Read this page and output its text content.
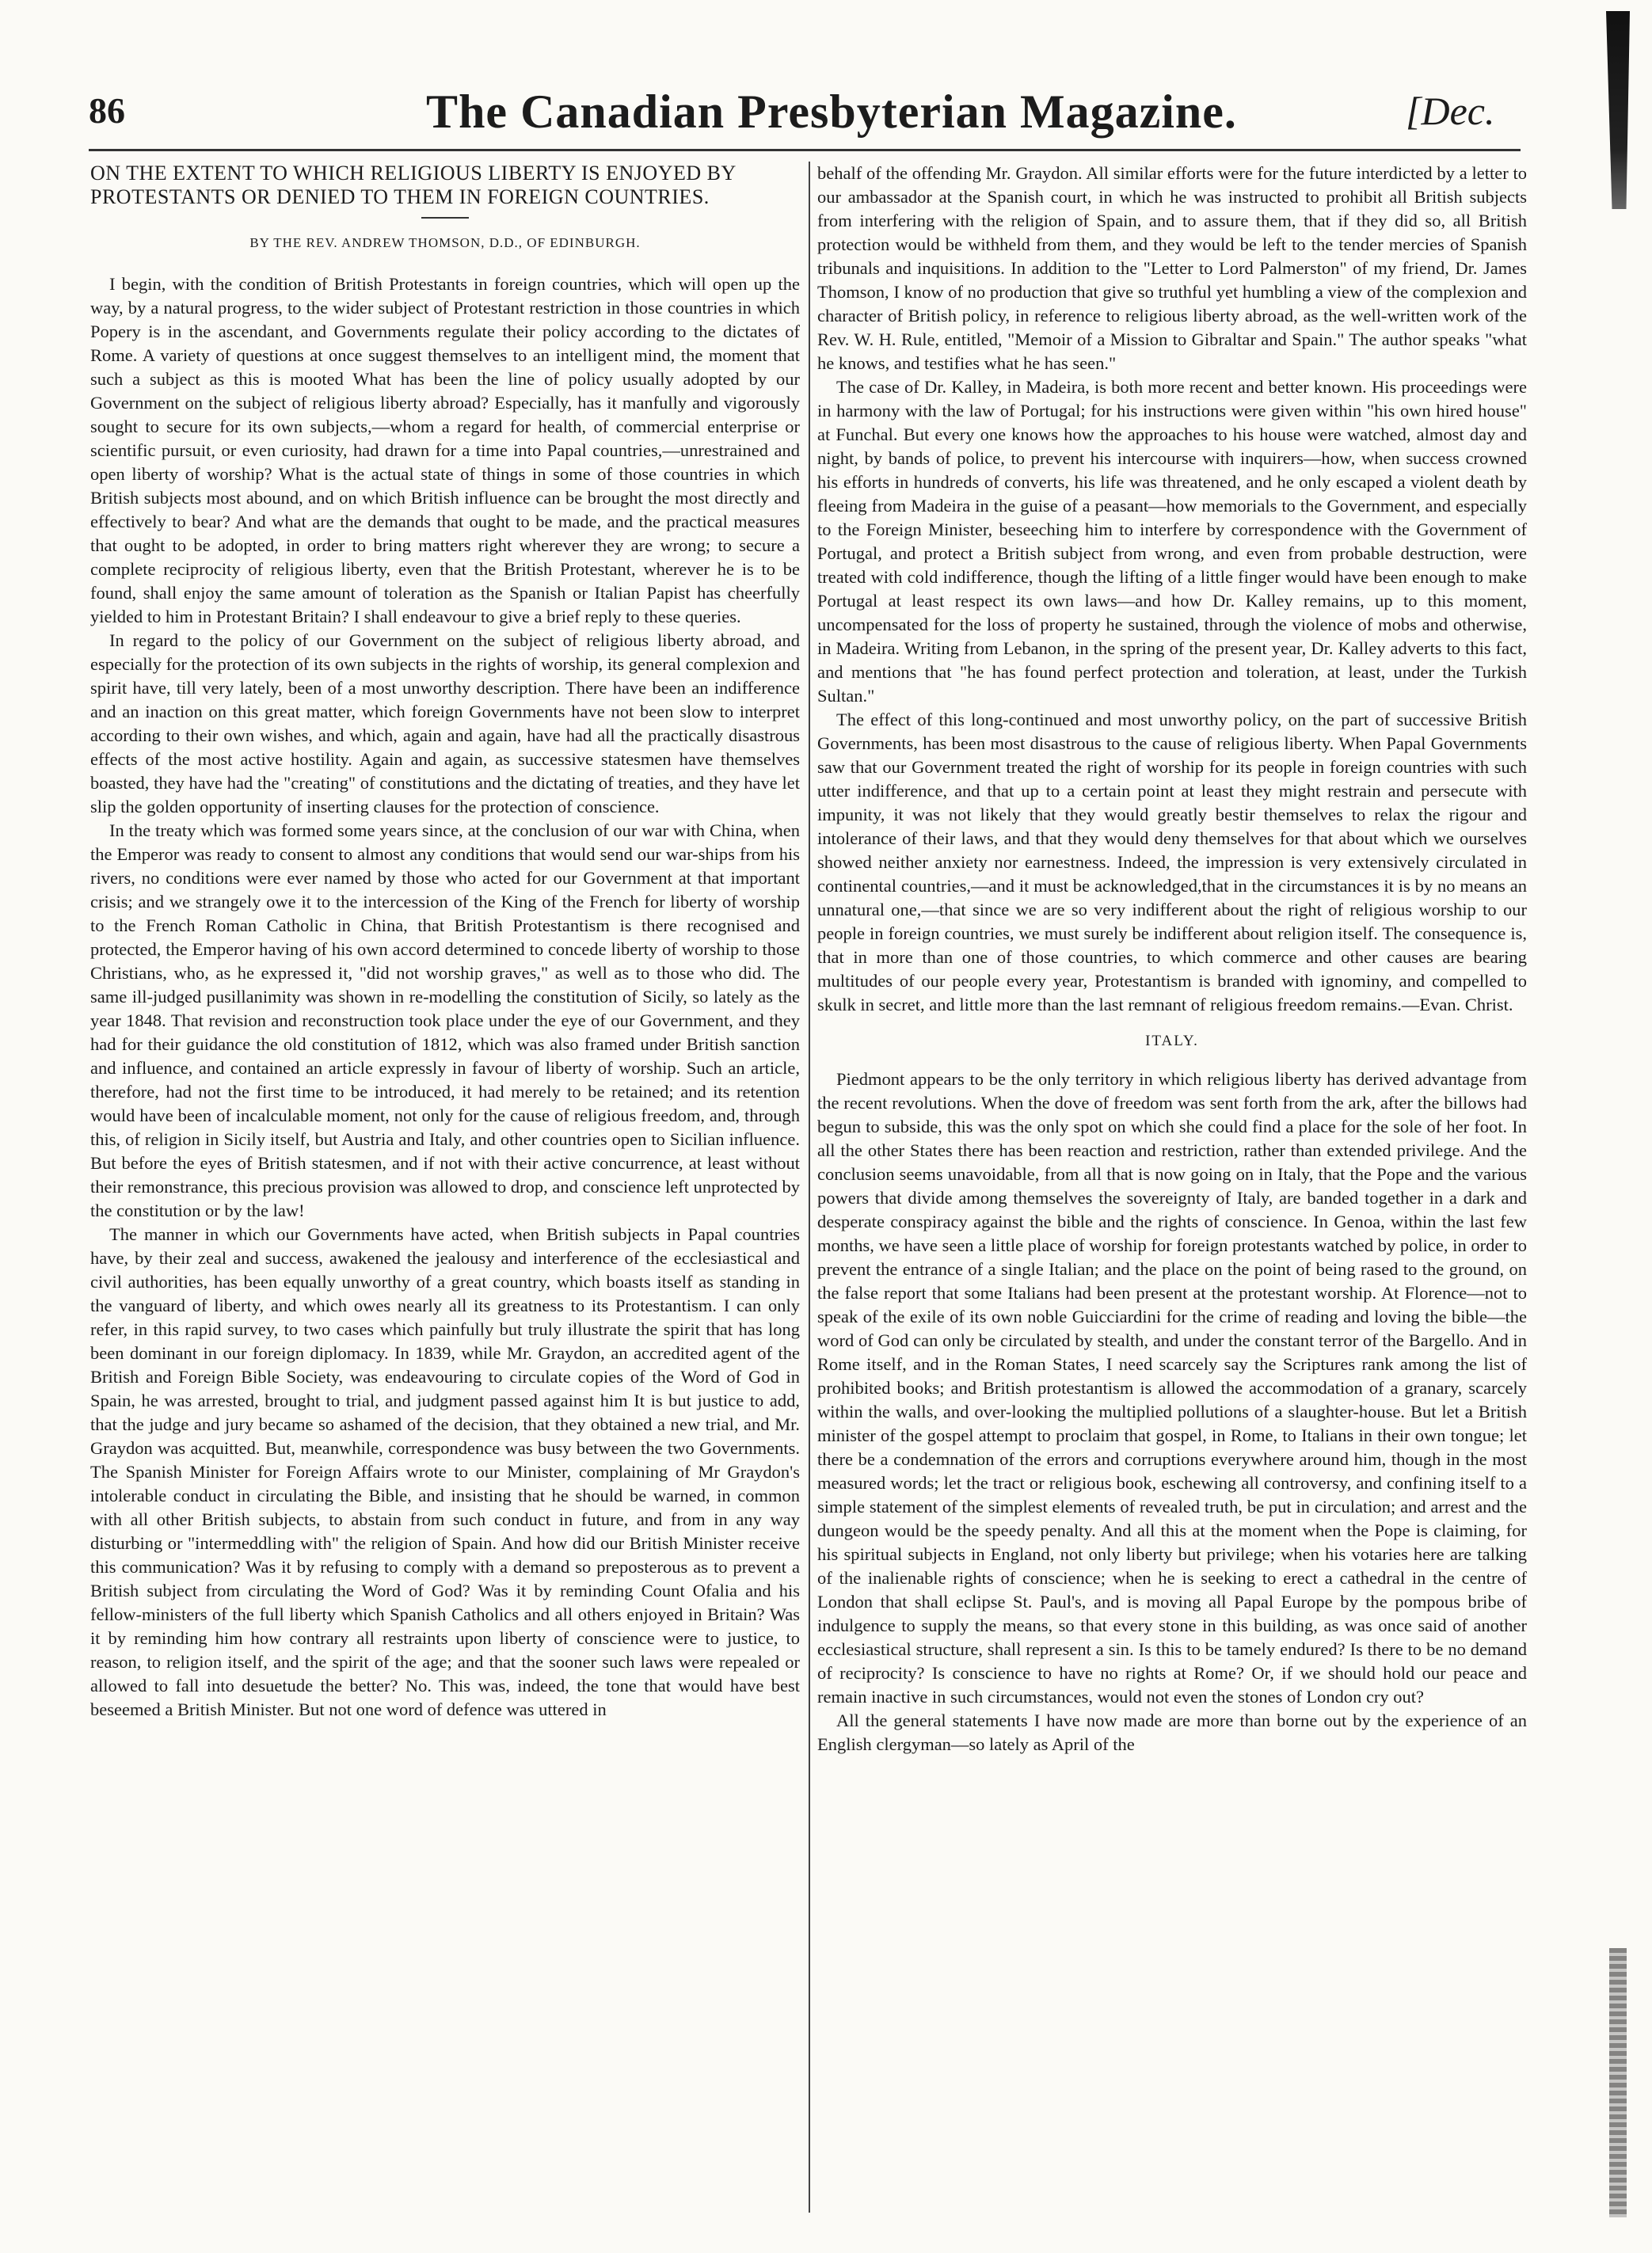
86	The Canadian Presbyterian Magazine.	[Dec.
ON THE EXTENT TO WHICH RELIGIOUS LIBERTY IS ENJOYED BY PROTESTANTS OR DENIED TO THEM IN FOREIGN COUNTRIES.
BY THE REV. ANDREW THOMSON, D.D., OF EDINBURGH.

I begin, with the condition of British Protestants in foreign countries, which will open up the way, by a natural progress, to the wider subject of Protestant restriction in those countries in which Popery is in the ascendant, and Governments regulate their policy according to the dictates of Rome. A variety of questions at once suggest themselves to an intelligent mind, the moment that such a subject as this is mooted What has been the line of policy usually adopted by our Government on the subject of religious liberty abroad? Especially, has it manfully and vigorously sought to secure for its own subjects,—whom a regard for health, of commercial enterprise or scientific pursuit, or even curiosity, had drawn for a time into Papal countries,—unrestrained and open liberty of worship? What is the actual state of things in some of those countries in which British subjects most abound, and on which British influence can be brought the most directly and effectively to bear? And what are the demands that ought to be made, and the practical measures that ought to be adopted, in order to bring matters right wherever they are wrong; to secure a complete reciprocity of religious liberty, even that the British Protestant, wherever he is to be found, shall enjoy the same amount of toleration as the Spanish or Italian Papist has cheerfully yielded to him in Protestant Britain? I shall endeavour to give a brief reply to these queries.

In regard to the policy of our Government on the subject of religious liberty abroad, and especially for the protection of its own subjects in the rights of worship, its general complexion and spirit have, till very lately, been of a most unworthy description. There have been an indifference and an inaction on this great matter, which foreign Governments have not been slow to interpret according to their own wishes, and which, again and again, have had all the practically disastrous effects of the most active hostility. Again and again, as successive statesmen have themselves boasted, they have had the "creating" of constitutions and the dictating of treaties, and they have let slip the golden opportunity of inserting clauses for the protection of conscience.

In the treaty which was formed some years since, at the conclusion of our war with China, when the Emperor was ready to consent to almost any conditions that would send our war-ships from his rivers, no conditions were ever named by those who acted for our Government at that important crisis; and we strangely owe it to the intercession of the King of the French for liberty of worship to the French Roman Catholic in China, that British Protestantism is there recognised and protected, the Emperor having of his own accord determined to concede liberty of worship to those Christians, who, as he expressed it, "did not worship graves," as well as to those who did. The same ill-judged pusillanimity was shown in re-modelling the constitution of Sicily, so lately as the year 1848. That revision and reconstruction took place under the eye of our Government, and they had for their guidance the old constitution of 1812, which was also framed under British sanction and influence, and contained an article expressly in favour of liberty of worship. Such an article, therefore, had not the first time to be introduced, it had merely to be retained; and its retention would have been of incalculable moment, not only for the cause of religious freedom, and, through this, of religion in Sicily itself, but Austria and Italy, and other countries open to Sicilian influence. But before the eyes of British statesmen, and if not with their active concurrence, at least without their remonstrance, this precious provision was allowed to drop, and conscience left unprotected by the constitution or by the law!

The manner in which our Governments have acted, when British subjects in Papal countries have, by their zeal and success, awakened the jealousy and interference of the ecclesiastical and civil authorities, has been equally unworthy of a great country, which boasts itself as standing in the vanguard of liberty, and which owes nearly all its greatness to its Protestantism. I can only refer, in this rapid survey, to two cases which painfully but truly illustrate the spirit that has long been dominant in our foreign diplomacy. In 1839, while Mr. Graydon, an accredited agent of the British and Foreign Bible Society, was endeavouring to circulate copies of the Word of God in Spain, he was arrested, brought to trial, and judgment passed against him It is but justice to add, that the judge and jury became so ashamed of the decision, that they obtained a new trial, and Mr. Graydon was acquitted. But, meanwhile, correspondence was busy between the two Governments. The Spanish Minister for Foreign Affairs wrote to our Minister, complaining of Mr Graydon's intolerable conduct in circulating the Bible, and insisting that he should be warned, in common with all other British subjects, to abstain from such conduct in future, and from in any way disturbing or "intermeddling with" the religion of Spain. And how did our British Minister receive this communication? Was it by refusing to comply with a demand so preposterous as to prevent a British subject from circulating the Word of God? Was it by reminding Count Ofalia and his fellow-ministers of the full liberty which Spanish Catholics and all others enjoyed in Britain? Was it by reminding him how contrary all restraints upon liberty of conscience were to justice, to reason, to religion itself, and the spirit of the age; and that the sooner such laws were repealed or allowed to fall into desuetude the better? No. This was, indeed, the tone that would have best beseemed a British Minister. But not one word of defence was uttered in

behalf of the offending Mr. Graydon. All similar efforts were for the future interdicted by a letter to our ambassador at the Spanish court, in which he was instructed to prohibit all British subjects from interfering with the religion of Spain, and to assure them, that if they did so, all British protection would be withheld from them, and they would be left to the tender mercies of Spanish tribunals and inquisitions. In addition to the "Letter to Lord Palmerston" of my friend, Dr. James Thomson, I know of no production that give so truthful yet humbling a view of the complexion and character of British policy, in reference to religious liberty abroad, as the well-written work of the Rev. W. H. Rule, entitled, "Memoir of a Mission to Gibraltar and Spain." The author speaks "what he knows, and testifies what he has seen."

The case of Dr. Kalley, in Madeira, is both more recent and better known. His proceedings were in harmony with the law of Portugal; for his instructions were given within "his own hired house" at Funchal. But every one knows how the approaches to his house were watched, almost day and night, by bands of police, to prevent his intercourse with inquirers—how, when success crowned his efforts in hundreds of converts, his life was threatened, and he only escaped a violent death by fleeing from Madeira in the guise of a peasant—how memorials to the Government, and especially to the Foreign Minister, beseeching him to interfere by correspondence with the Government of Portugal, and protect a British subject from wrong, and even from probable destruction, were treated with cold indifference, though the lifting of a little finger would have been enough to make Portugal at least respect its own laws—and how Dr. Kalley remains, up to this moment, uncompensated for the loss of property he sustained, through the violence of mobs and otherwise, in Madeira. Writing from Lebanon, in the spring of the present year, Dr. Kalley adverts to this fact, and mentions that "he has found perfect protection and toleration, at least, under the Turkish Sultan."

The effect of this long-continued and most unworthy policy, on the part of successive British Governments, has been most disastrous to the cause of religious liberty. When Papal Governments saw that our Government treated the right of worship for its people in foreign countries with such utter indifference, and that up to a certain point at least they might restrain and persecute with impunity, it was not likely that they would greatly bestir themselves to relax the rigour and intolerance of their laws, and that they would deny themselves for that about which we ourselves showed neither anxiety nor earnestness. Indeed, the impression is very extensively circulated in continental countries,—and it must be acknowledged,that in the circumstances it is by no means an unnatural one,—that since we are so very indifferent about the right of religious worship to our people in foreign countries, we must surely be indifferent about religion itself. The consequence is, that in more than one of those countries, to which commerce and other causes are bearing multitudes of our people every year, Protestantism is branded with ignominy, and compelled to skulk in secret, and little more than the last remnant of religious freedom remains.—Evan. Christ.

ITALY.

Piedmont appears to be the only territory in which religious liberty has derived advantage from the recent revolutions. When the dove of freedom was sent forth from the ark, after the billows had begun to subside, this was the only spot on which she could find a place for the sole of her foot. In all the other States there has been reaction and restriction, rather than extended privilege. And the conclusion seems unavoidable, from all that is now going on in Italy, that the Pope and the various powers that divide among themselves the sovereignty of Italy, are banded together in a dark and desperate conspiracy against the bible and the rights of conscience. In Genoa, within the last few months, we have seen a little place of worship for foreign protestants watched by police, in order to prevent the entrance of a single Italian; and the place on the point of being rased to the ground, on the false report that some Italians had been present at the protestant worship. At Florence—not to speak of the exile of its own noble Guicciardini for the crime of reading and loving the bible—the word of God can only be circulated by stealth, and under the constant terror of the Bargello. And in Rome itself, and in the Roman States, I need scarcely say the Scriptures rank among the list of prohibited books; and British protestantism is allowed the accommodation of a granary, scarcely within the walls, and over-looking the multiplied pollutions of a slaughter-house. But let a British minister of the gospel attempt to proclaim that gospel, in Rome, to Italians in their own tongue; let there be a condemnation of the errors and corruptions everywhere around him, though in the most measured words; let the tract or religious book, eschewing all controversy, and confining itself to a simple statement of the simplest elements of revealed truth, be put in circulation; and arrest and the dungeon would be the speedy penalty. And all this at the moment when the Pope is claiming, for his spiritual subjects in England, not only liberty but privilege; when his votaries here are talking of the inalienable rights of conscience; when he is seeking to erect a cathedral in the centre of London that shall eclipse St. Paul's, and is moving all Papal Europe by the pompous bribe of indulgence to supply the means, so that every stone in this building, as was once said of another ecclesiastical structure, shall represent a sin. Is this to be tamely endured? Is there to be no demand of reciprocity? Is conscience to have no rights at Rome? Or, if we should hold our peace and remain inactive in such circumstances, would not even the stones of London cry out?

All the general statements I have now made are more than borne out by the experience of an English clergyman—so lately as April of the
